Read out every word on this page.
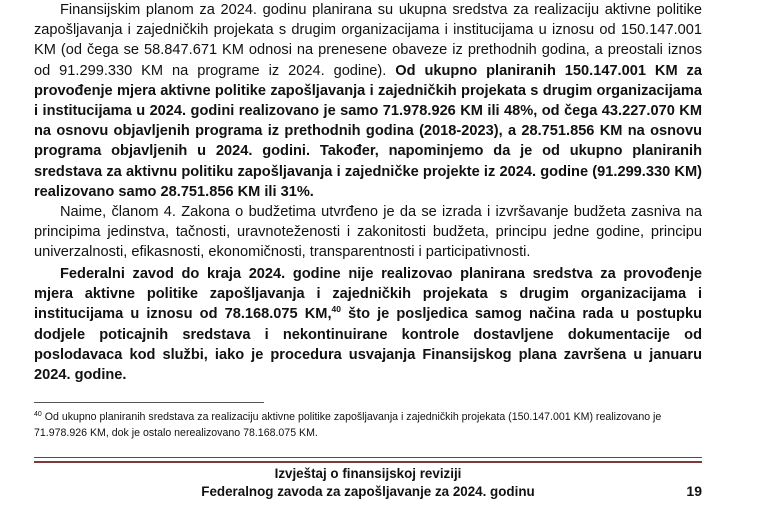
Finansijskim planom za 2024. godinu planirana su ukupna sredstva za realizaciju aktivne politike zapošljavanja i zajedničkih projekata s drugim organizacijama i institucijama u iznosu od 150.147.001 KM (od čega se 58.847.671 KM odnosi na prenesene obaveze iz prethodnih godina, a preostali iznos od 91.299.330 KM na programe iz 2024. godine). Od ukupno planiranih 150.147.001 KM za provođenje mjera aktivne politike zapošljavanja i zajedničkih projekata s drugim organizacijama i institucijama u 2024. godini realizovano je samo 71.978.926 KM ili 48%, od čega 43.227.070 KM na osnovu objavljenih programa iz prethodnih godina (2018-2023), a 28.751.856 KM na osnovu programa objavljenih u 2024. godini. Također, napominjemo da je od ukupno planiranih sredstava za aktivnu politiku zapošljavanja i zajedničke projekte iz 2024. godine (91.299.330 KM) realizovano samo 28.751.856 KM ili 31%.

Naime, članom 4. Zakona o budžetima utvrđeno je da se izrada i izvršavanje budžeta zasniva na principima jedinstva, tačnosti, uravnoteženosti i zakonitosti budžeta, principu jedne godine, principu univerzalnosti, efikasnosti, ekonomičnosti, transparentnosti i participativnosti.

Federalni zavod do kraja 2024. godine nije realizovao planirana sredstva za provođenje mjera aktivne politike zapošljavanja i zajedničkih projekata s drugim organizacijama i institucijama u iznosu od 78.168.075 KM,$^{40}$ što je posljedica samog načina rada u postupku dodjele poticajnih sredstava i nekontinuirane kontrole dostavljene dokumentacije od poslodavaca kod službi, iako je procedura usvajanja Finansijskog plana završena u januaru 2024. godine.

$^{40}$ Od ukupno planiranih sredstava za realizaciju aktivne politike zapošljavanja i zajedničkih projekata (150.147.001 KM) realizovano je 71.978.926 KM, dok je ostalo nerealizovano 78.168.075 KM.

Izvještaj o finansijskoj reviziji
Federalnog zavoda za zapošljavanje za 2024. godinu	19
